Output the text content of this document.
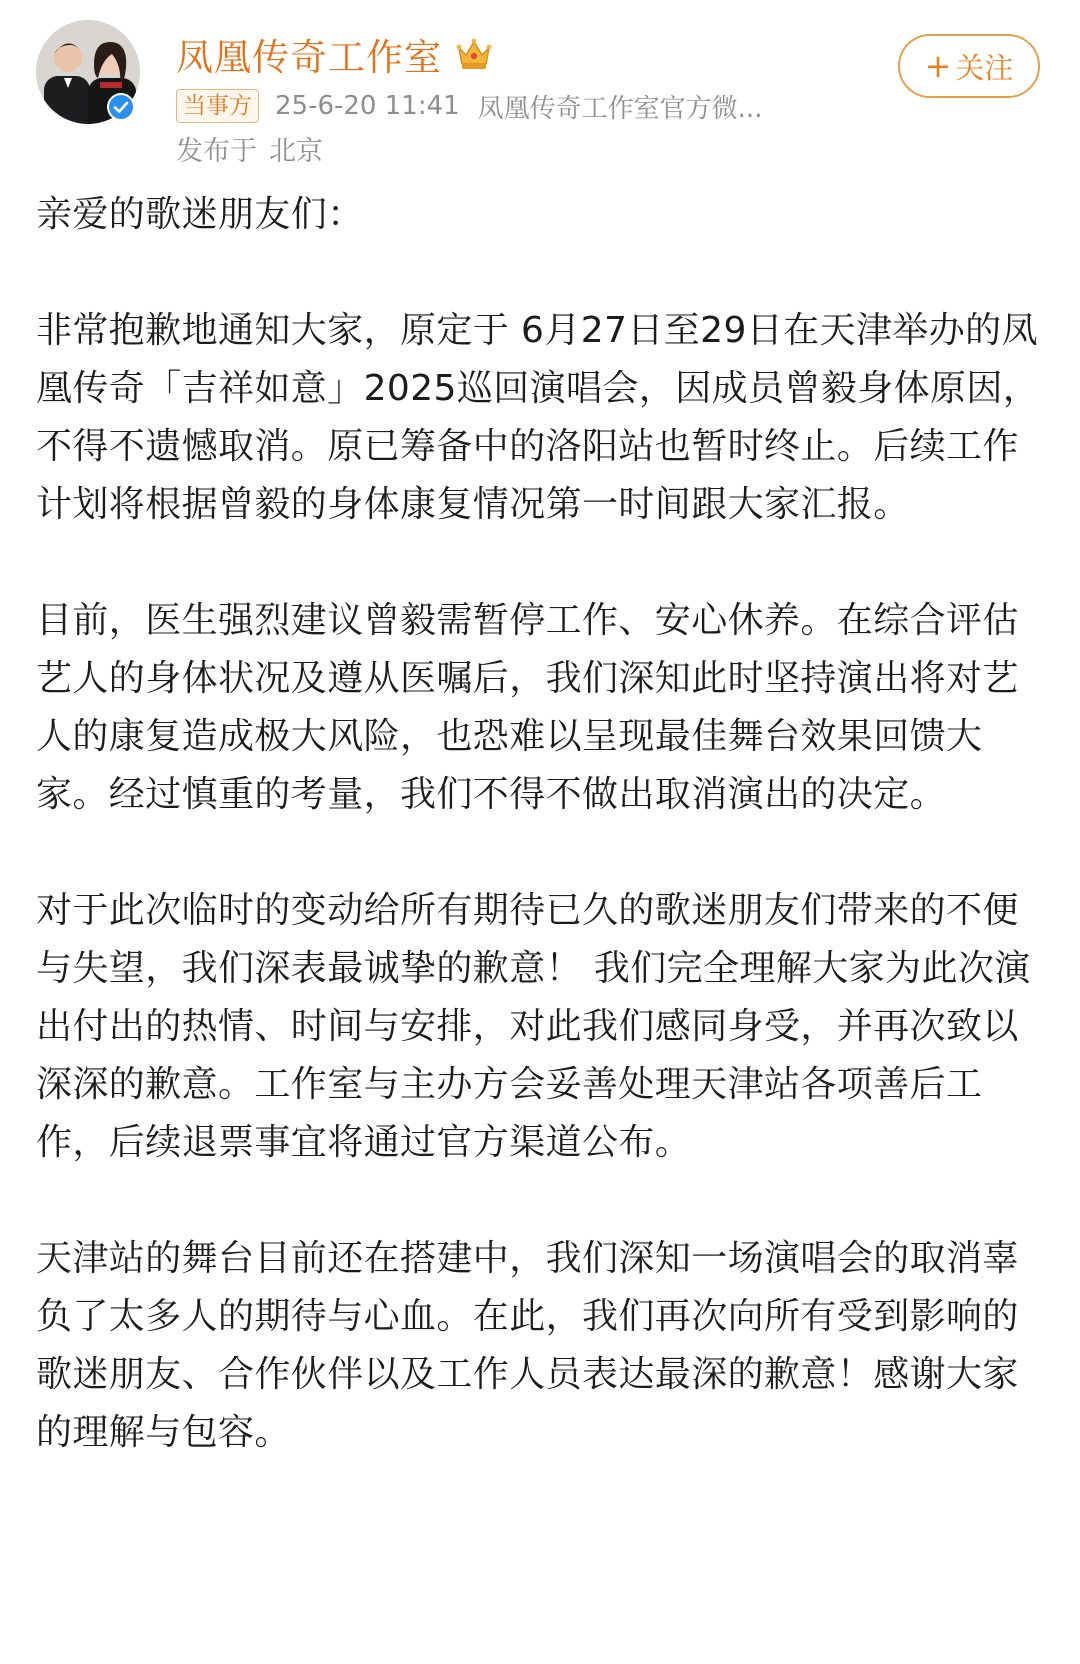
凤凰传奇工作室
当事方 25-6-20 11:41 凤凰传奇工作室官方微...
发布于 北京
+ 关注

亲爱的歌迷朋友们：

非常抱歉地通知大家，原定于 6月27日至29日在天津举办的凤凰传奇「吉祥如意」2025巡回演唱会，因成员曾毅身体原因，不得不遗憾取消。原已筹备中的洛阳站也暂时终止。后续工作计划将根据曾毅的身体康复情况第一时间跟大家汇报。

目前，医生强烈建议曾毅需暂停工作、安心休养。在综合评估艺人的身体状况及遵从医嘱后，我们深知此时坚持演出将对艺人的康复造成极大风险，也恐难以呈现最佳舞台效果回馈大家。经过慎重的考量，我们不得不做出取消演出的决定。

对于此次临时的变动给所有期待已久的歌迷朋友们带来的不便与失望，我们深表最诚挚的歉意！ 我们完全理解大家为此次演出付出的热情、时间与安排，对此我们感同身受，并再次致以深深的歉意。工作室与主办方会妥善处理天津站各项善后工作，后续退票事宜将通过官方渠道公布。

天津站的舞台目前还在搭建中，我们深知一场演唱会的取消辜负了太多人的期待与心血。在此，我们再次向所有受到影响的歌迷朋友、合作伙伴以及工作人员表达最深的歉意！感谢大家的理解与包容。
